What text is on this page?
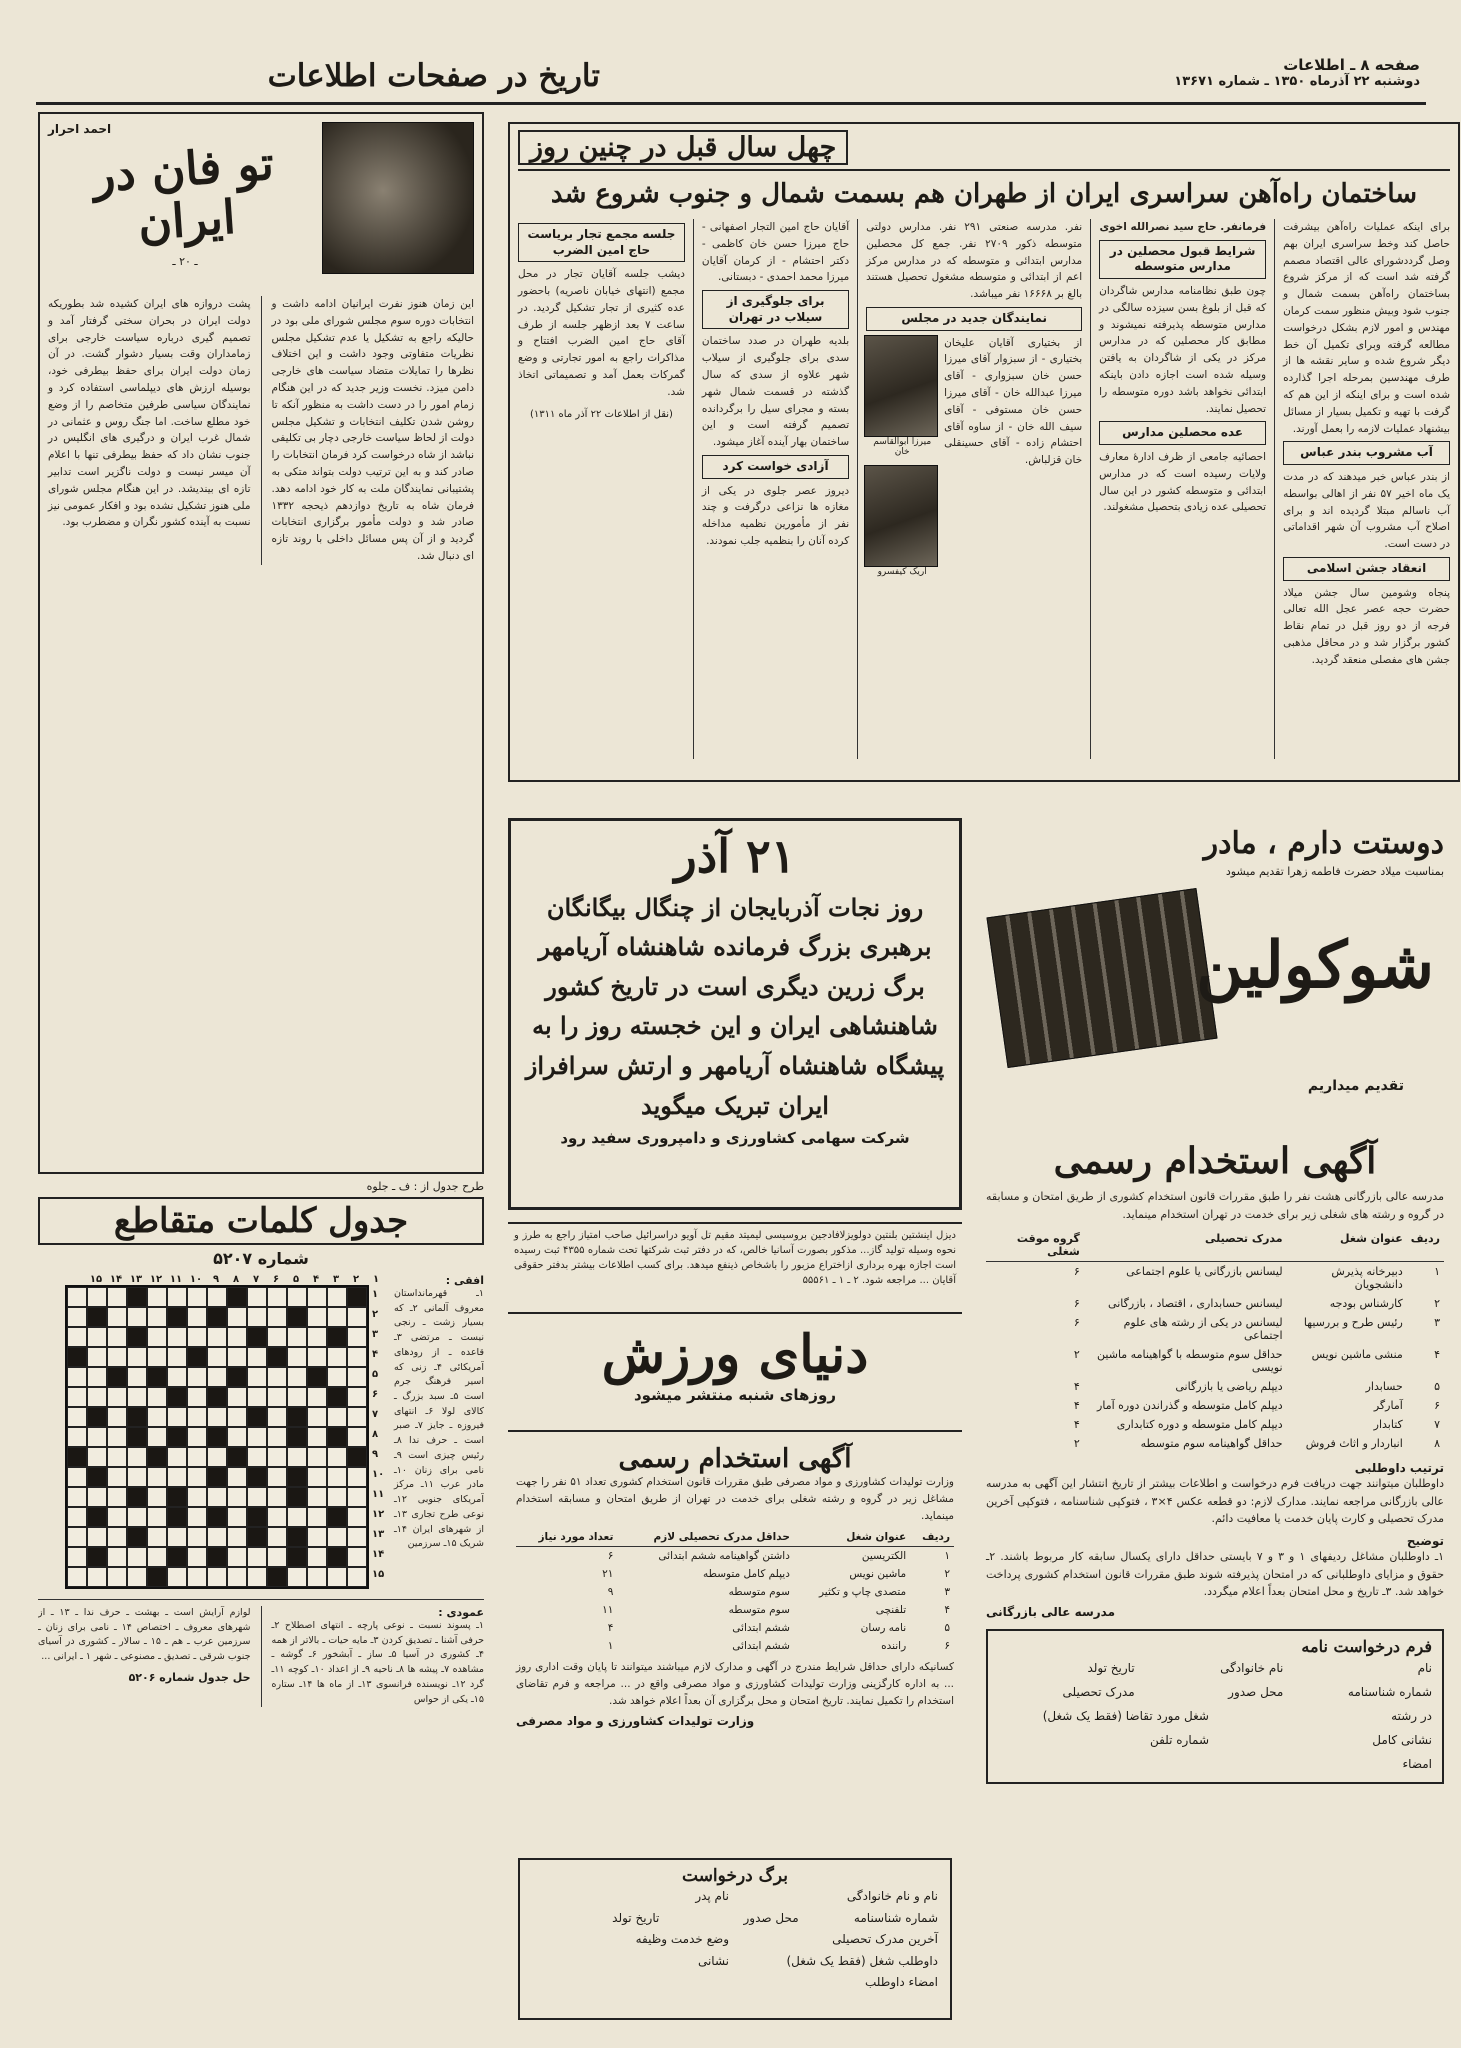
تاریخ در صفحات اطلاعات	صفحه ۸ ـ اطلاعات
دوشنبه ۲۲ آذرماه ۱۳۵۰ ـ شماره ۱۳۶۷۱
احمد احرار
تو فان در ایران
ـ ۲۰ ـ
این زمان هنوز نفرت ایرانیان ادامه داشت و انتخابات دوره سوم مجلس شورای ملی بود در حالیکه راجع به تشکیل یا عدم تشکیل مجلس نظریات متفاوتی وجود داشت و این اختلاف نظرها را تمایلات متضاد سیاست های خارجی دامن میزد. نخست وزیر جدید که در این هنگام زمام امور را در دست داشت به منظور آنکه تا روشن شدن تکلیف انتخابات و تشکیل مجلس دولت از لحاظ سیاست خارجی دچار بی تکلیفی نباشد از شاه درخواست کرد فرمان انتخابات را صادر کند و به این ترتیب دولت بتواند متکی به پشتیبانی نمایندگان ملت به کار خود ادامه دهد. فرمان شاه به تاریخ دوازدهم ذیحجه ۱۳۳۲ صادر شد و دولت مأمور برگزاری انتخابات گردید و از آن پس مسائل داخلی با روند تازه ای دنبال شد.
پشت دروازه های ایران کشیده شد بطوریکه دولت ایران در بحران سختی گرفتار آمد و تصمیم گیری درباره سیاست خارجی برای زمامداران وقت بسیار دشوار گشت. در آن زمان دولت ایران برای حفظ بیطرفی خود، بوسیله ارزش های دیپلماسی استفاده کرد و نمایندگان سیاسی طرفین متخاصم را از وضع خود مطلع ساخت. اما جنگ روس و عثمانی در شمال غرب ایران و درگیری های انگلیس در جنوب نشان داد که حفظ بیطرفی تنها با اعلام آن میسر نیست و دولت ناگزیر است تدابیر تازه ای بیندیشد. در این هنگام مجلس شورای ملی هنوز تشکیل نشده بود و افکار عمومی نیز نسبت به آینده کشور نگران و مضطرب بود.
چهل سال قبل در چنین روز
ساختمان راه‌آهن سراسری ایران از طهران هم بسمت شمال و جنوب شروع شد
برای اینکه عملیات راه‌آهن بیشرفت حاصل کند وخط سراسری ایران بهم وصل گرددشورای عالی اقتصاد مصمم گرفته شد است که از مرکز شروع بساختمان راه‌آهن بسمت شمال و جنوب شود وبیش منظور سمت کرمان مهندس و امور لازم بشکل درخواست مطالعه گرفته وبرای تکمیل آن خط دیگر شروع شده و سایر نقشه ها از طرف مهندسین بمرحله اجرا گذارده شده است و برای اینکه از این هم که گرفت با تهیه و تکمیل بسیار از مسائل بیشنهاد عملیات لازمه را بعمل آورند.
آب مشروب بندر عباس
از بندر عباس خبر میدهند که در مدت یک ماه اخیر ۵۷ نفر از اهالی بواسطه آب ناسالم مبتلا گردیده اند و برای اصلاح آب مشروب آن شهر اقداماتی در دست است.
انعقاد جشن اسلامی
پنجاه وشومین سال جشن میلاد حضرت حجه عصر عجل الله تعالی فرجه از دو روز قبل در تمام نقاط کشور برگزار شد و در محافل مذهبی جشن های مفصلی منعقد گردید.
فرمانفر. حاج سید نصرالله اخوی
شرایط قبول محصلین در مدارس متوسطه
چون طبق نظامنامه مدارس شاگردان که قبل از بلوغ بسن سیزده سالگی در مدارس متوسطه پذیرفته نمیشوند و مطابق کار محصلین که در مدارس مرکز در یکی از شاگردان به یافتن وسیله شده است اجازه دادن باینکه ابتدائی نخواهد باشد دوره متوسطه را تحصیل نمایند.
عده محصلین مدارس
احصائیه جامعی از ظرف ادارهٔ معارف ولایات رسیده است که در مدارس ابتدائی و متوسطه کشور در این سال تحصیلی عده زیادی بتحصیل مشغولند.
نفر. مدرسه صنعتی ۲۹۱ نفر. مدارس دولتی متوسطه ذکور ۲۷۰۹ نفر. جمع کل محصلین مدارس ابتدائی و متوسطه که در مدارس مرکز اعم از ابتدائی و متوسطه مشغول تحصیل هستند بالغ بر ۱۶۶۶۸ نفر میباشد.
نمایندگان جدید در مجلس
از بختیاری آقایان علیخان بختیاری - از سبزوار آقای میرزا حسن خان سبزواری - آقای میرزا عبدالله خان - آقای میرزا حسن خان مستوفی - آقای سیف الله خان - از ساوه آقای احتشام زاده - آقای حسینقلی خان قزلباش.
میرزا ابوالقاسم خان
اریک کیفسرو
آقایان حاج امین التجار اصفهانی - حاج میرزا حسن خان کاظمی - دکتر احتشام - از کرمان آقایان میرزا محمد احمدی - دبستانی.
برای جلوگیری از سیلاب در تهران
بلدیه طهران در صدد ساختمان سدی برای جلوگیری از سیلاب شهر علاوه از سدی که سال گذشته در قسمت شمال شهر بسته و مجرای سیل را برگردانده تصمیم گرفته است و این ساختمان بهار آینده آغاز میشود.
آزادی خواست کرد
دیروز عصر جلوی در یکی از مغازه ها نزاعی درگرفت و چند نفر از مأمورین نظمیه مداخله کرده آنان را بنظمیه جلب نمودند.
جلسه مجمع تجار بریاست حاج امین الضرب
دیشب جلسه آقایان تجار در محل مجمع (انتهای خیابان ناصریه) باحضور عده کثیری از تجار تشکیل گردید. در ساعت ۷ بعد ازظهر جلسه از طرف آقای حاج امین الضرب افتتاح و مذاکرات راجع به امور تجارتی و وضع گمرکات بعمل آمد و تصمیماتی اتخاذ شد.
(نقل از اطلاعات ۲۲ آذر ماه ۱۳۱۱)
۲۱ آذر
روز نجات آذربایجان از چنگال بیگانگان برهبری بزرگ فرمانده شاهنشاه آریامهر برگ زرین دیگری است در تاریخ کشور شاهنشاهی ایران و این خجسته روز را به پیشگاه شاهنشاه آریامهر و ارتش سرافراز ایران تبریک میگوید
شرکت سهامی کشاورزی و دامپروری سفید رود
دوستت دارم ، مادر
بمناسبت میلاد حضرت فاطمه زهرا تقدیم میشود
شوکولین
تقدیم میداریم
آگهی استخدام رسمی
مدرسه عالی بازرگانی هشت نفر را طبق مقررات قانون استخدام کشوری از طریق امتحان و مسابقه در گروه و رشته های شغلی زیر برای خدمت در تهران استخدام مینماید.
ردیف	عنوان شغل	مدرک تحصیلی	گروه موقت شغلی
۱	دبیرخانه پذیرش دانشجویان	لیسانس بازرگانی یا علوم اجتماعی	۶
۲	کارشناس بودجه	لیسانس حسابداری ، اقتصاد ، بازرگانی	۶
۳	رئیس طرح و بررسیها	لیسانس در یکی از رشته های علوم اجتماعی	۶
۴	منشی ماشین نویس	حداقل سوم متوسطه با گواهینامه ماشین نویسی	۲
۵	حسابدار	دیپلم ریاضی یا بازرگانی	۴
۶	آمارگر	دیپلم کامل متوسطه و گذراندن دوره آمار	۴
۷	کتابدار	دیپلم کامل متوسطه و دوره کتابداری	۴
۸	انباردار و اثاث فروش	حداقل گواهینامه سوم متوسطه	۲
ترتیب داوطلبی
داوطلبان میتوانند جهت دریافت فرم درخواست و اطلاعات بیشتر از تاریخ انتشار این آگهی به مدرسه عالی بازرگانی مراجعه نمایند. مدارک لازم: دو قطعه عکس ۴×۳ ، فتوکپی شناسنامه ، فتوکپی آخرین مدرک تحصیلی و کارت پایان خدمت یا معافیت دائم.
توضیح
۱ـ داوطلبان مشاغل ردیفهای ۱ و ۳ و ۷ بایستی حداقل دارای یکسال سابقه کار مربوط باشند. ۲ـ حقوق و مزایای داوطلبانی که در امتحان پذیرفته شوند طبق مقررات قانون استخدام کشوری پرداخت خواهد شد. ۳ـ تاریخ و محل امتحان بعداً اعلام میگردد.
مدرسه عالی بازرگانی
فرم درخواست نامه
نام
نام خانوادگی
تاریخ تولد
شماره شناسنامه
محل صدور
مدرک تحصیلی
در رشته
شغل مورد تقاضا (فقط یک شغل)
نشانی کامل
شماره تلفن
امضاء
دیزل اینشتین بلنتین دولویزلافادجین بروسیسی لیمیتد مقیم تل آویو دراسرائیل صاحب امتیاز راجع به طرز و نحوه وسیله تولید گاز... مذکور بصورت آسانیا خالص، که در دفتر ثبت شرکتها تحت شماره ۴۳۵۵ ثبت رسیده است اجازه بهره برداری ازاختراع مزبور را باشخاص ذینفع میدهد. برای کسب اطلاعات بیشتر بدفتر حقوقی آقایان ... مراجعه شود. ۲ ـ ۱ ـ ۵۵۵۶۱
دنیای ورزش
روزهای شنبه منتشر میشود
آگهی استخدام رسمی
وزارت تولیدات کشاورزی و مواد مصرفی طبق مقررات قانون استخدام کشوری تعداد ۵۱ نفر را جهت مشاغل زیر در گروه و رشته شغلی برای خدمت در تهران از طریق امتحان و مسابقه استخدام مینماید.
ردیف	عنوان شغل	حداقل مدرک تحصیلی لازم	تعداد مورد نیاز
۱	الکتریسین	داشتن گواهینامه ششم ابتدائی	۶
۲	ماشین نویس	دیپلم کامل متوسطه	۲۱
۳	متصدی چاپ و تکثیر	سوم متوسطه	۹
۴	تلفنچی	سوم متوسطه	۱۱
۵	نامه رسان	ششم ابتدائی	۴
۶	راننده	ششم ابتدائی	۱
کسانیکه دارای حداقل شرایط مندرج در آگهی و مدارک لازم میباشند میتوانند تا پایان وقت اداری روز ... به اداره کارگزینی وزارت تولیدات کشاورزی و مواد مصرفی واقع در ... مراجعه و فرم تقاضای استخدام را تکمیل نمایند. تاریخ امتحان و محل برگزاری آن بعداً اعلام خواهد شد.
وزارت تولیدات کشاورزی و مواد مصرفی
برگ درخواست
نام و نام خانوادگی
نام پدر
شماره شناسنامه
محل صدور
تاریخ تولد
آخرین مدرک تحصیلی
وضع خدمت وظیفه
داوطلب شغل (فقط یک شغل)
نشانی
امضاء داوطلب
طرح جدول از : ف ـ جلوه
جدول کلمات متقاطع
شماره ۵۲۰۷
افقی :
۱ـ قهرمانداستان معروف آلمانی ۲ـ که بسیار زشت ـ رنجی نیست ـ مرتضی ۳ـ قاعده ـ از رودهای آمریکائی ۴ـ زنی که اسیر فرهنگ جرم است ۵ـ سبد بزرگ ـ کالای لولا ۶ـ انتهای فیروزه ـ جایز ۷ـ صبر است ـ حرف ندا ۸ـ رئیس چیزی است ۹ـ نامی برای زنان ۱۰ـ مادر عرب ۱۱ـ مرکز آمریکای جنوبی ۱۲ـ نوعی طرح تجاری ۱۳ـ از شهرهای ایران ۱۴ـ شریک ۱۵ـ سرزمین
۱۵ ۱۴ ۱۳ ۱۲ ۱۱ ۱۰	۹	۸	۷	۶	۵	۴	۳	۲	۱
۱
۲
۳
۴
۵
۶
۷
۸
۹
۱۰
۱۱
۱۲
۱۳
۱۴
۱۵
عمودی :
۱ـ پسوند نسبت ـ نوعی پارچه ـ انتهای اصطلاح ۲ـ حرفی آشنا ـ تصدیق کردن ۳ـ مایه حیات ـ بالاتر از همه ۴ـ کشوری در آسیا ۵ـ ساز ـ آبشخور ۶ـ گوشه ـ مشاهده ۷ـ پیشه ها ۸ـ ناحیه ۹ـ از اعداد ۱۰ـ کوچه ۱۱ـ گرد ۱۲ـ نویسنده فرانسوی ۱۳ـ از ماه ها ۱۴ـ ستاره ۱۵ـ یکی از حواس
لوازم آرایش است ـ بهشت ـ حرف ندا ـ ۱۳ ـ از شهرهای معروف ـ اختصاص ۱۴ ـ نامی برای زنان ـ سرزمین عرب ـ هم ـ ۱۵ ـ سالار ـ کشوری در آسیای جنوب شرقی ـ تصدیق ـ مصنوعی ـ شهر ۱ ـ ایرانی ...
حل جدول شماره ۵۲۰۶
